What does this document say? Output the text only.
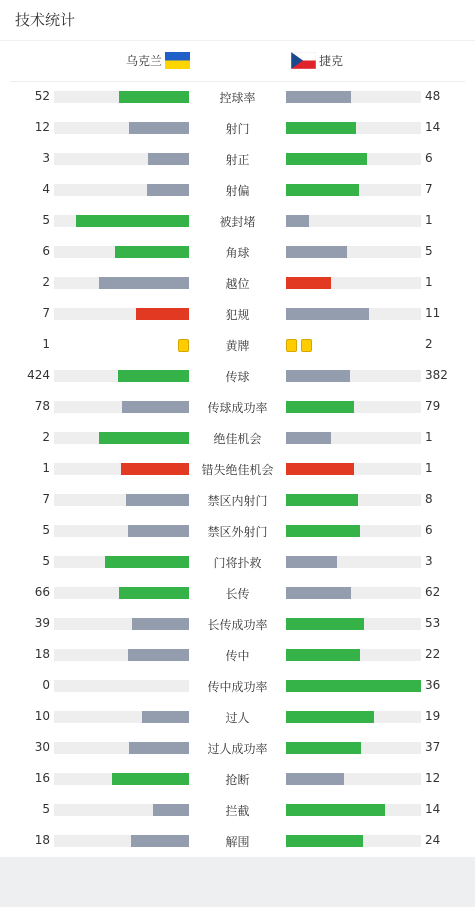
技术统计
乌克兰	捷克
52	控球率	48
12	射门	14
3	射正	6
4	射偏	7
5	被封堵	1
6	角球	5
2	越位	1
7	犯规	11
1	黄牌	2
424	传球	382
78	传球成功率	79
2	绝佳机会	1
1	错失绝佳机会	1
7	禁区内射门	8
5	禁区外射门	6
5	门将扑救	3
66	长传	62
39	长传成功率	53
18	传中	22
0	传中成功率	36
10	过人	19
30	过人成功率	37
16	抢断	12
5	拦截	14
18	解围	24
